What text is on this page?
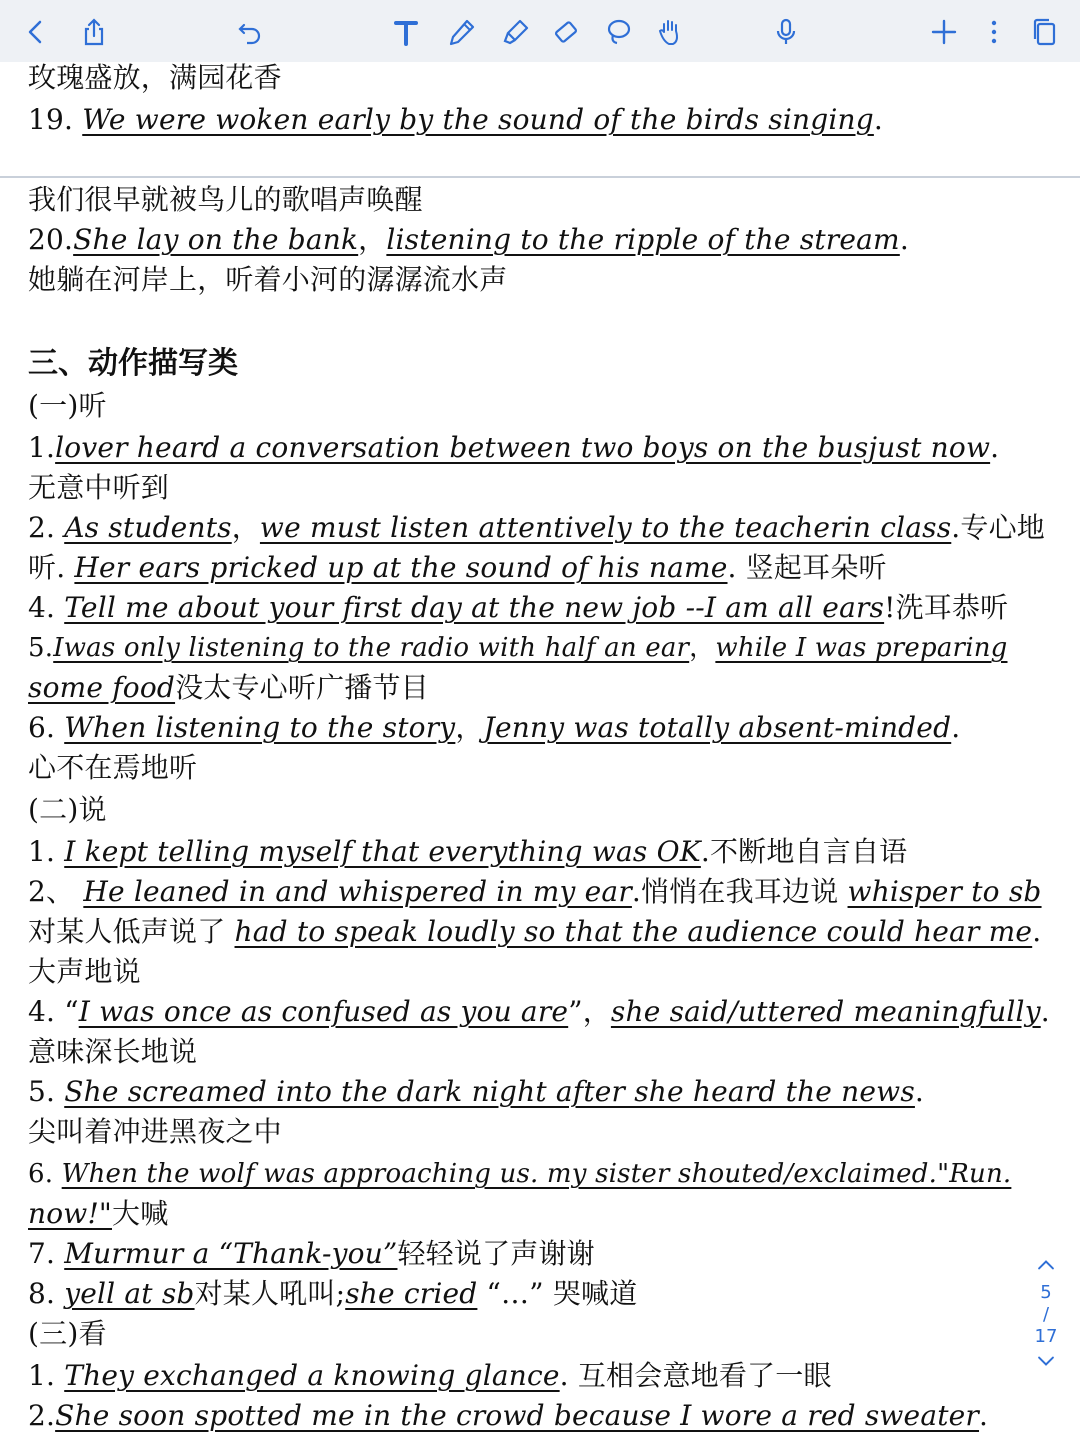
玫瑰盛放，满园花香
19. We were woken early by the sound of the birds singing.
我们很早就被鸟儿的歌唱声唤醒
20.She lay on the bank，listening to the ripple of the stream.
她躺在河岸上，听着小河的潺潺流水声
三、动作描写类
(一)听
1.lover heard a conversation between two boys on the busjust now.
无意中听到
2. As students，we must listen attentively to the teacherin class.专心地
听. Her ears pricked up at the sound of his name. 竖起耳朵听
4. Tell me about your first day at the new job --I am all ears!洗耳恭听
5.Iwas only listening to the radio with half an ear，while I was preparing
some food没太专心听广播节目
6. When listening to the story，Jenny was totally absent-minded.
心不在焉地听
(二)说
1. I kept telling myself that everything was OK.不断地自言自语
2、 He leaned in and whispered in my ear.悄悄在我耳边说 whisper to sb
对某人低声说了 had to speak loudly so that the audience could hear me.
大声地说
4. “I was once as confused as you are”，she said/uttered meaningfully.
意味深长地说
5. She screamed into the dark night after she heard the news.
尖叫着冲进黑夜之中
6. When the wolf was approaching us. my sister shouted/exclaimed."Run.
now!"大喊
7. Murmur a “Thank-you”轻轻说了声谢谢
8. yell at sb对某人吼叫;she cried “…” 哭喊道
(三)看
1. They exchanged a knowing glance. 互相会意地看了一眼
2.She soon spotted me in the crowd because I wore a red sweater.
5
/
17
